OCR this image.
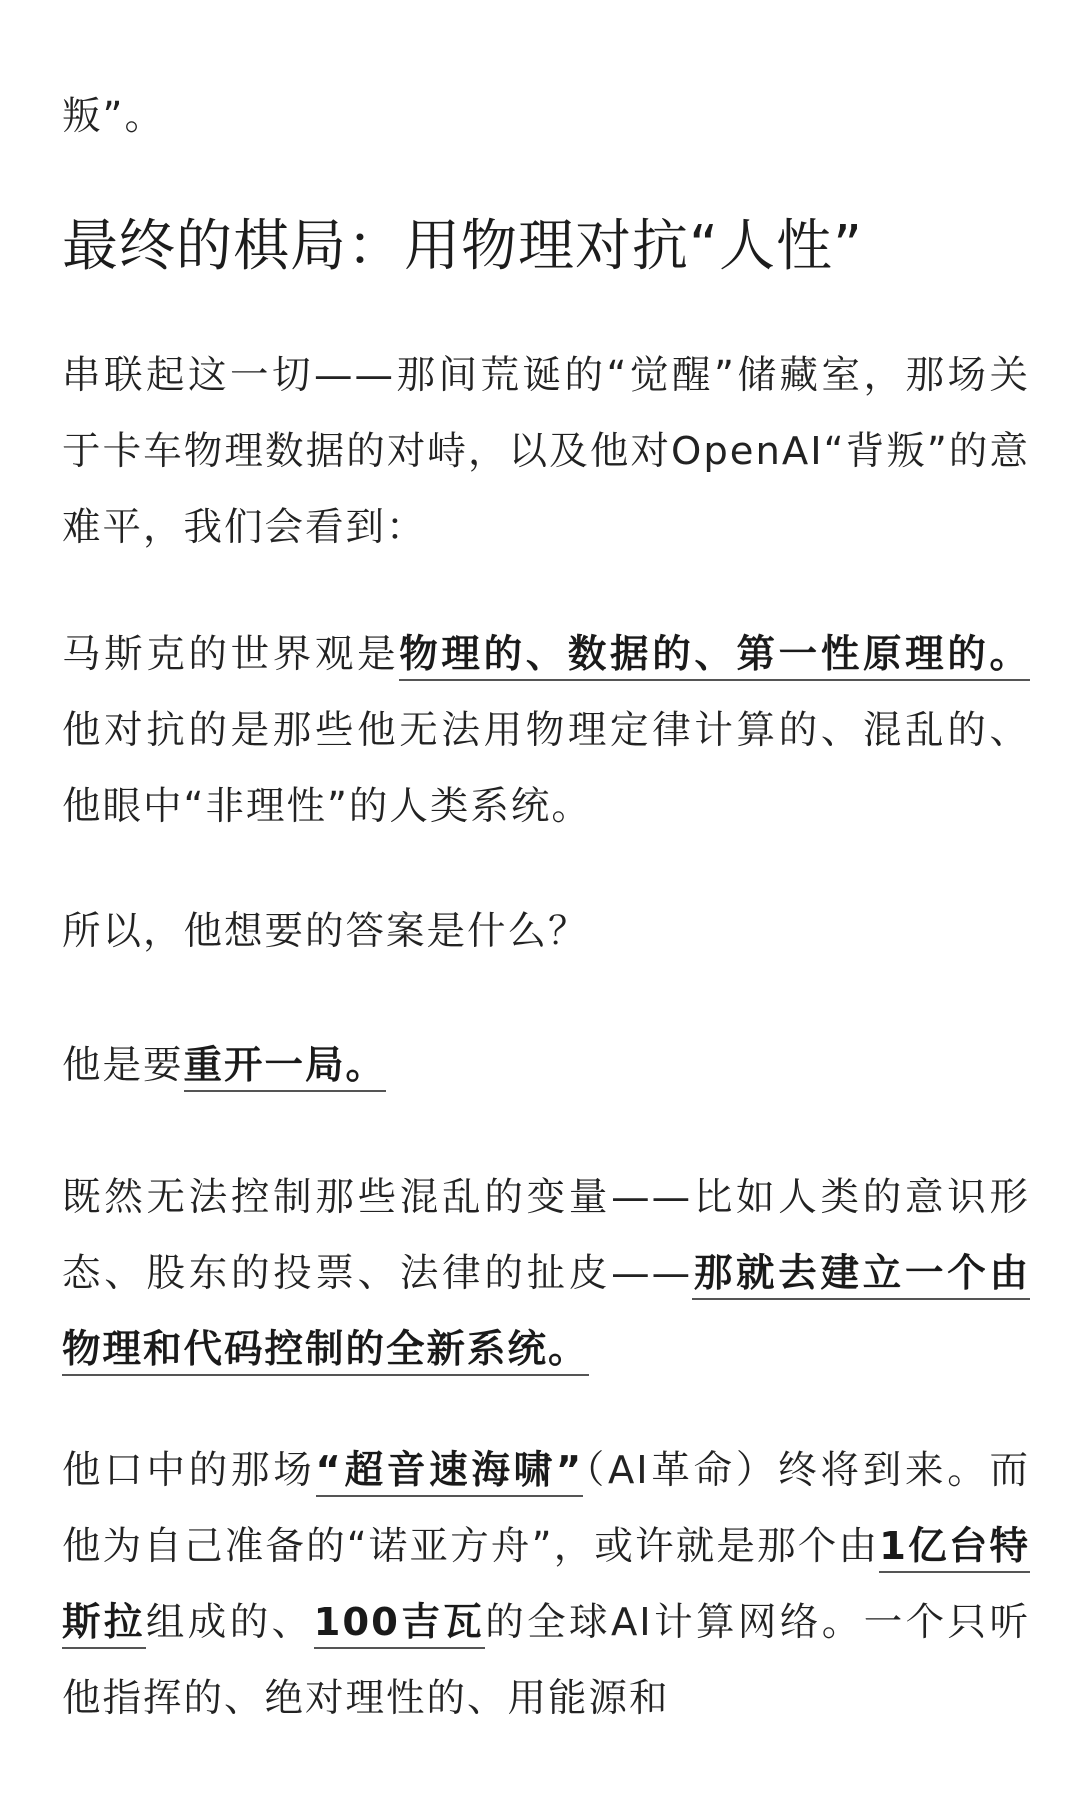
叛”。

最终的棋局：用物理对抗“人性”

串联起这一切——那间荒诞的“觉醒”储藏室，那场关于卡车物理数据的对峙，以及他对OpenAI“背叛”的意难平，我们会看到：

马斯克的世界观是物理的、数据的、第一性原理的。他对抗的是那些他无法用物理定律计算的、混乱的、他眼中“非理性”的人类系统。

所以，他想要的答案是什么？

他是要重开一局。

既然无法控制那些混乱的变量——比如人类的意识形态、股东的投票、法律的扯皮——那就去建立一个由物理和代码控制的全新系统。

他口中的那场“超音速海啸”（AI革命）终将到来。而他为自己准备的“诺亚方舟”，或许就是那个由1亿台特斯拉组成的、100吉瓦的全球AI计算网络。一个只听他指挥的、绝对理性的、用能源和
